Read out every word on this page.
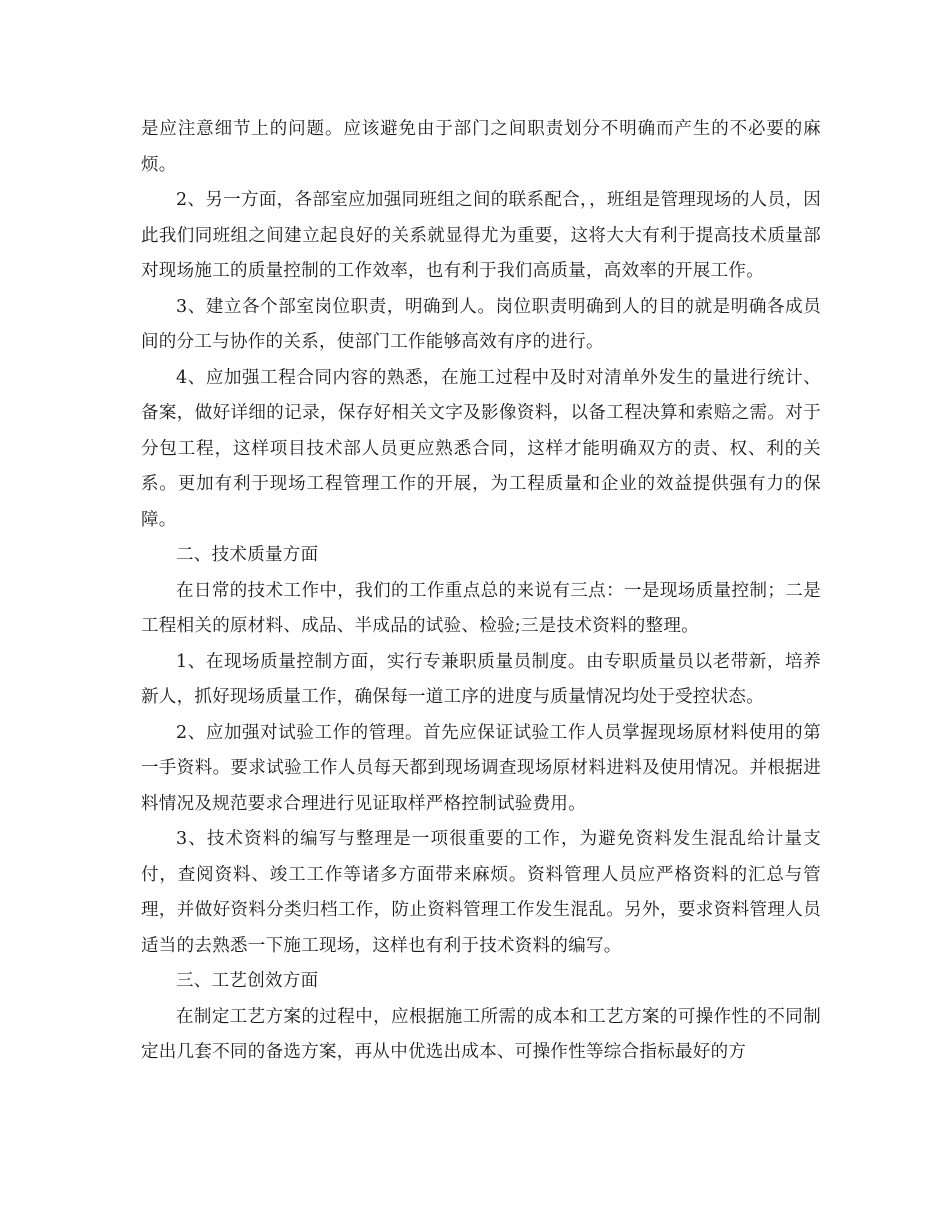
是应注意细节上的问题。应该避免由于部门之间职责划分不明确而产生的不必要的麻烦。

2、另一方面，各部室应加强同班组之间的联系配合，，班组是管理现场的人员，因此我们同班组之间建立起良好的关系就显得尤为重要，这将大大有利于提高技术质量部对现场施工的质量控制的工作效率，也有利于我们高质量，高效率的开展工作。

3、建立各个部室岗位职责，明确到人。岗位职责明确到人的目的就是明确各成员间的分工与协作的关系，使部门工作能够高效有序的进行。

4、应加强工程合同内容的熟悉，在施工过程中及时对清单外发生的量进行统计、备案，做好详细的记录，保存好相关文字及影像资料，以备工程决算和索赔之需。对于分包工程，这样项目技术部人员更应熟悉合同，这样才能明确双方的责、权、利的关系。更加有利于现场工程管理工作的开展，为工程质量和企业的效益提供强有力的保障。

二、技术质量方面

在日常的技术工作中，我们的工作重点总的来说有三点：一是现场质量控制；二是工程相关的原材料、成品、半成品的试验、检验;三是技术资料的整理。

1、在现场质量控制方面，实行专兼职质量员制度。由专职质量员以老带新，培养新人，抓好现场质量工作，确保每一道工序的进度与质量情况均处于受控状态。

2、应加强对试验工作的管理。首先应保证试验工作人员掌握现场原材料使用的第一手资料。要求试验工作人员每天都到现场调查现场原材料进料及使用情况。并根据进料情况及规范要求合理进行见证取样严格控制试验费用。

3、技术资料的编写与整理是一项很重要的工作，为避免资料发生混乱给计量支付，查阅资料、竣工工作等诸多方面带来麻烦。资料管理人员应严格资料的汇总与管理，并做好资料分类归档工作，防止资料管理工作发生混乱。另外，要求资料管理人员适当的去熟悉一下施工现场，这样也有利于技术资料的编写。

三、工艺创效方面

在制定工艺方案的过程中，应根据施工所需的成本和工艺方案的可操作性的不同制定出几套不同的备选方案，再从中优选出成本、可操作性等综合指标最好的方
